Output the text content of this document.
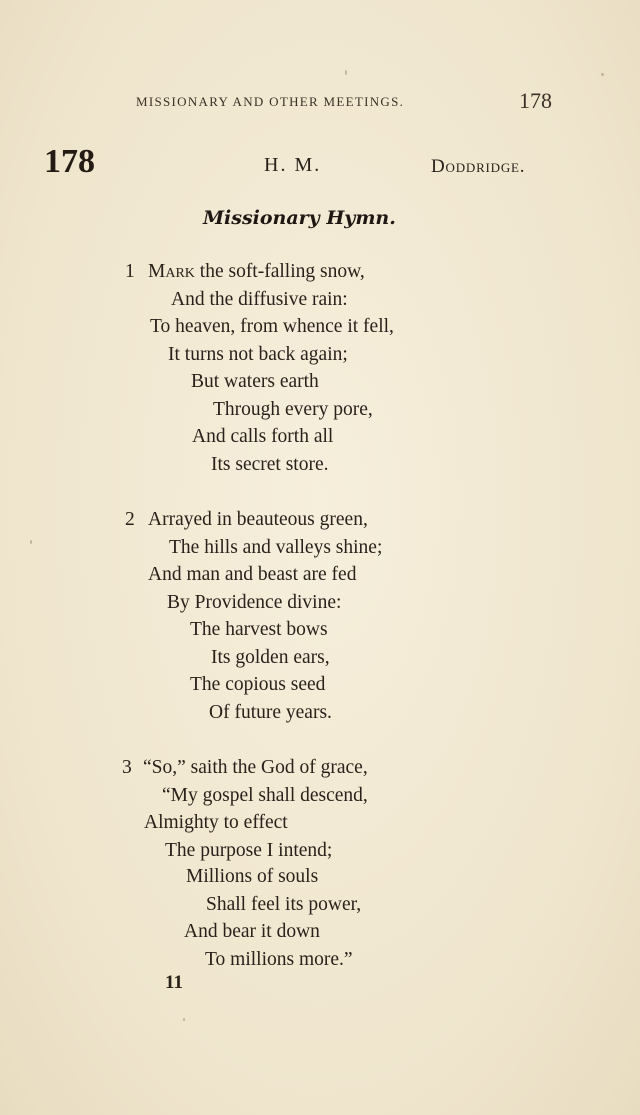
MISSIONARY AND OTHER MEETINGS.	178
178	H. M.	Doddridge.
Missionary Hymn.
1 Mark the soft-falling snow,
And the diffusive rain:
To heaven, from whence it fell,
It turns not back again;
But waters earth
Through every pore,
And calls forth all
Its secret store.
2 Arrayed in beauteous green,
The hills and valleys shine;
And man and beast are fed
By Providence divine:
The harvest bows
Its golden ears,
The copious seed
Of future years.
3 “So,” saith the God of grace,
“My gospel shall descend,
Almighty to effect
The purpose I intend;
Millions of souls
Shall feel its power,
And bear it down
To millions more.”
11
